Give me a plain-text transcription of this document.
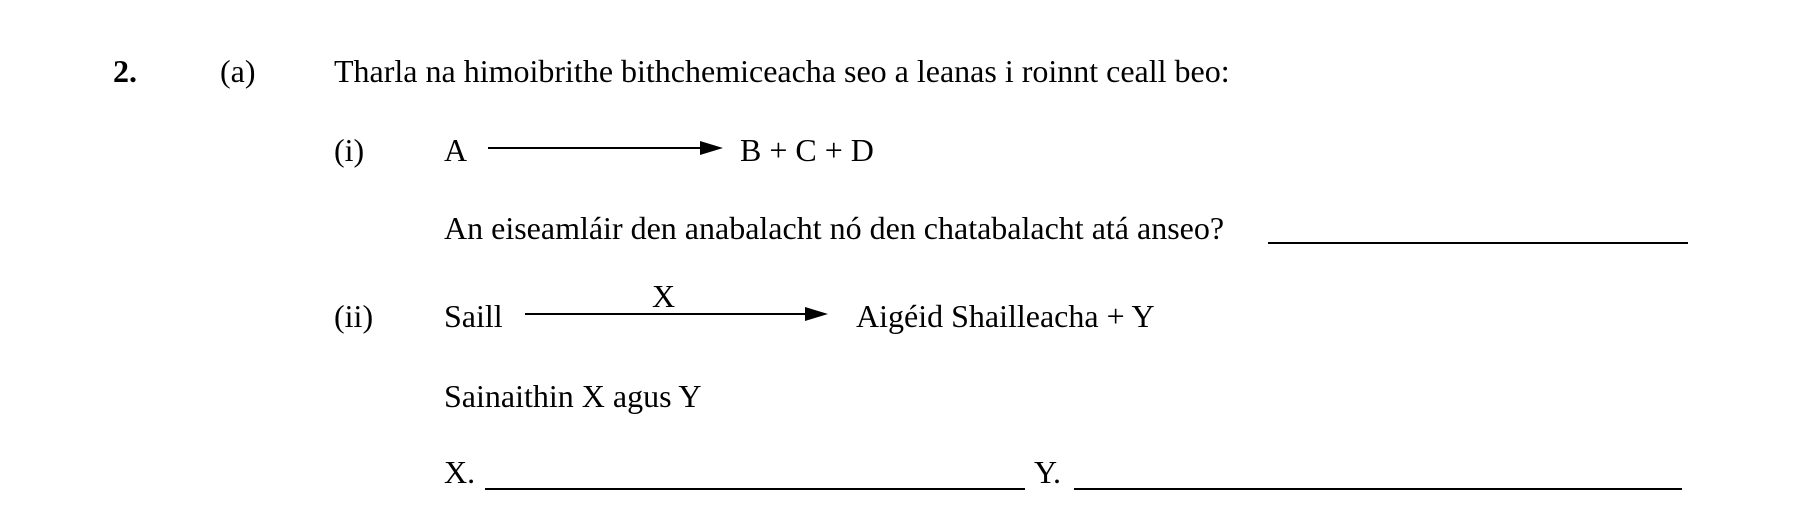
2.	(a) Tharla na himoibrithe bithchemiceacha seo a leanas i roinnt ceall beo:
(i) A	B + C + D
An eiseamláir den anabalacht nó den chatabalacht atá anseo?
(ii) Saill
X
Aigéid Shailleacha + Y
Sainaithin X agus Y
X.	Y.
